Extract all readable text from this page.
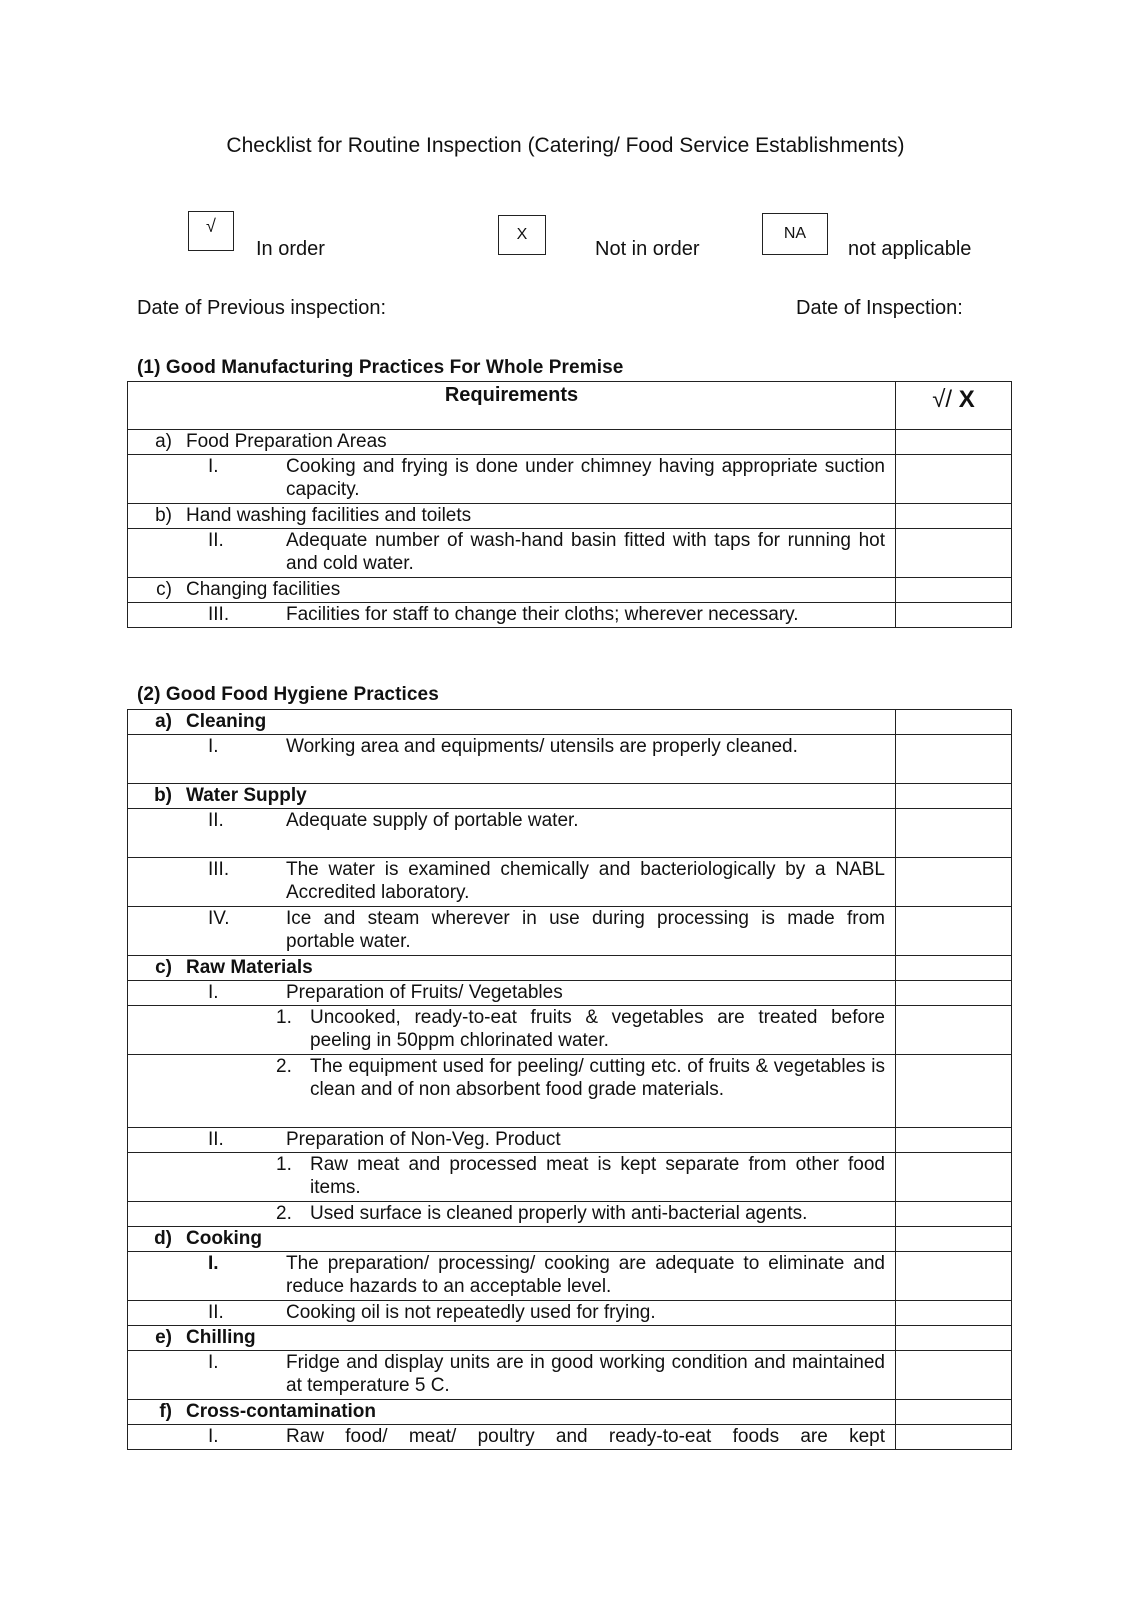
Checklist for Routine Inspection (Catering/ Food Service Establishments)
√
In order
X
Not in order
NA
not applicable
Date of Previous inspection:	Date of Inspection:
(1) Good Manufacturing Practices For Whole Premise
Requirements	√/ X

a) Food Preparation Areas	

I. Cooking and frying is done under chimney having appropriate suction capacity.	

b) Hand washing facilities and toilets	

II. Adequate number of wash-hand basin fitted with taps for running hot and cold water.	

c) Changing facilities	

III. Facilities for staff to change their cloths; wherever necessary.	

(2) Good Food Hygiene Practices
a) Cleaning	

I. Working area and equipments/ utensils are properly cleaned.	

b) Water Supply	

II. Adequate supply of portable water.	

III. The water is examined chemically and bacteriologically by a NABL Accredited laboratory.	

IV. Ice and steam wherever in use during processing is made from portable water.	

c) Raw Materials	

I. Preparation of Fruits/ Vegetables	

1. Uncooked, ready-to-eat fruits & vegetables are treated before peeling in 50ppm chlorinated water.	

2. The equipment used for peeling/ cutting etc. of fruits & vegetables is clean and of non absorbent food grade materials.	

II. Preparation of Non-Veg. Product	

1. Raw meat and processed meat is kept separate from other food items.	

2. Used surface is cleaned properly with anti-bacterial agents.	

d) Cooking	

I. The preparation/ processing/ cooking are adequate to eliminate and reduce hazards to an acceptable level.	

II. Cooking oil is not repeatedly used for frying.	

e) Chilling	

I. Fridge and display units are in good working condition and maintained at temperature 5 C.	

f) Cross-contamination	

I. Raw food/ meat/ poultry and ready-to-eat foods are kept	
